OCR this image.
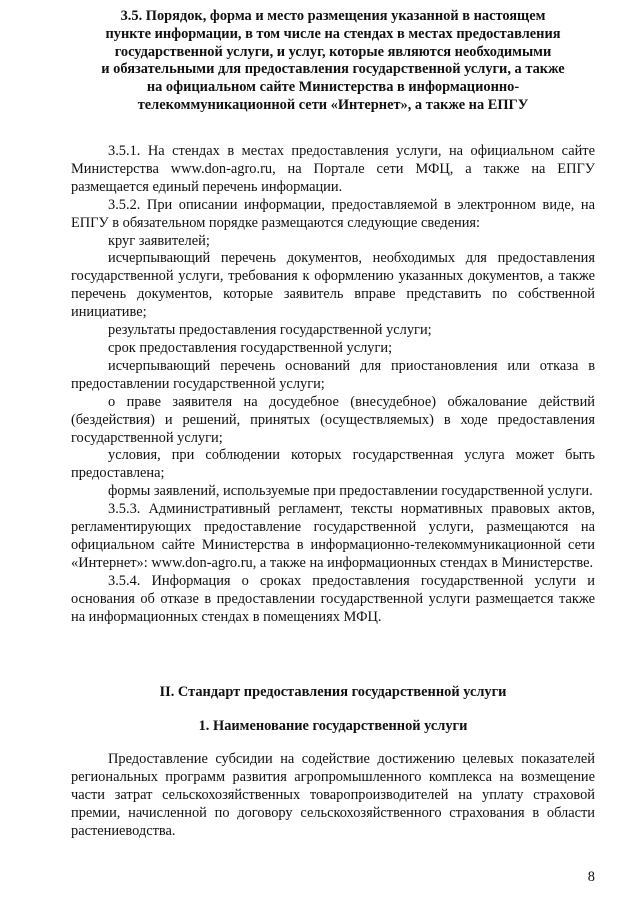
3.5. Порядок, форма и место размещения указанной в настоящем
пункте информации, в том числе на стендах в местах предоставления
государственной услуги, и услуг, которые являются необходимыми
и обязательными для предоставления государственной услуги, а также
на официальном сайте Министерства в информационно-
телекоммуникационной сети «Интернет», а также на ЕПГУ

3.5.1. На стендах в местах предоставления услуги, на официальном сайте Министерства www.don-agro.ru, на Портале сети МФЦ, а также на ЕПГУ размещается единый перечень информации.

3.5.2. При описании информации, предоставляемой в электронном виде, на ЕПГУ в обязательном порядке размещаются следующие сведения:

круг заявителей;

исчерпывающий перечень документов, необходимых для предоставления государственной услуги, требования к оформлению указанных документов, а также перечень документов, которые заявитель вправе представить по собственной инициативе;

результаты предоставления государственной услуги;

срок предоставления государственной услуги;

исчерпывающий перечень оснований для приостановления или отказа в предоставлении государственной услуги;

о праве заявителя на досудебное (внесудебное) обжалование действий (бездействия) и решений, принятых (осуществляемых) в ходе предоставления государственной услуги;

условия, при соблюдении которых государственная услуга может быть предоставлена;

формы заявлений, используемые при предоставлении государственной услуги.

3.5.3. Административный регламент, тексты нормативных правовых актов, регламентирующих предоставление государственной услуги, размещаются на официальном сайте Министерства в информационно-телекоммуникационной сети «Интернет»: www.don-agro.ru, а также на информационных стендах в Министерстве.

3.5.4. Информация о сроках предоставления государственной услуги и основания об отказе в предоставлении государственной услуги размещается также на информационных стендах в помещениях МФЦ.

II. Стандарт предоставления государственной услуги
1. Наименование государственной услуги

Предоставление субсидии на содействие достижению целевых показателей региональных программ развития агропромышленного комплекса на возмещение части затрат сельскохозяйственных товаропроизводителей на уплату страховой премии, начисленной по договору сельскохозяйственного страхования в области растениеводства.

8
